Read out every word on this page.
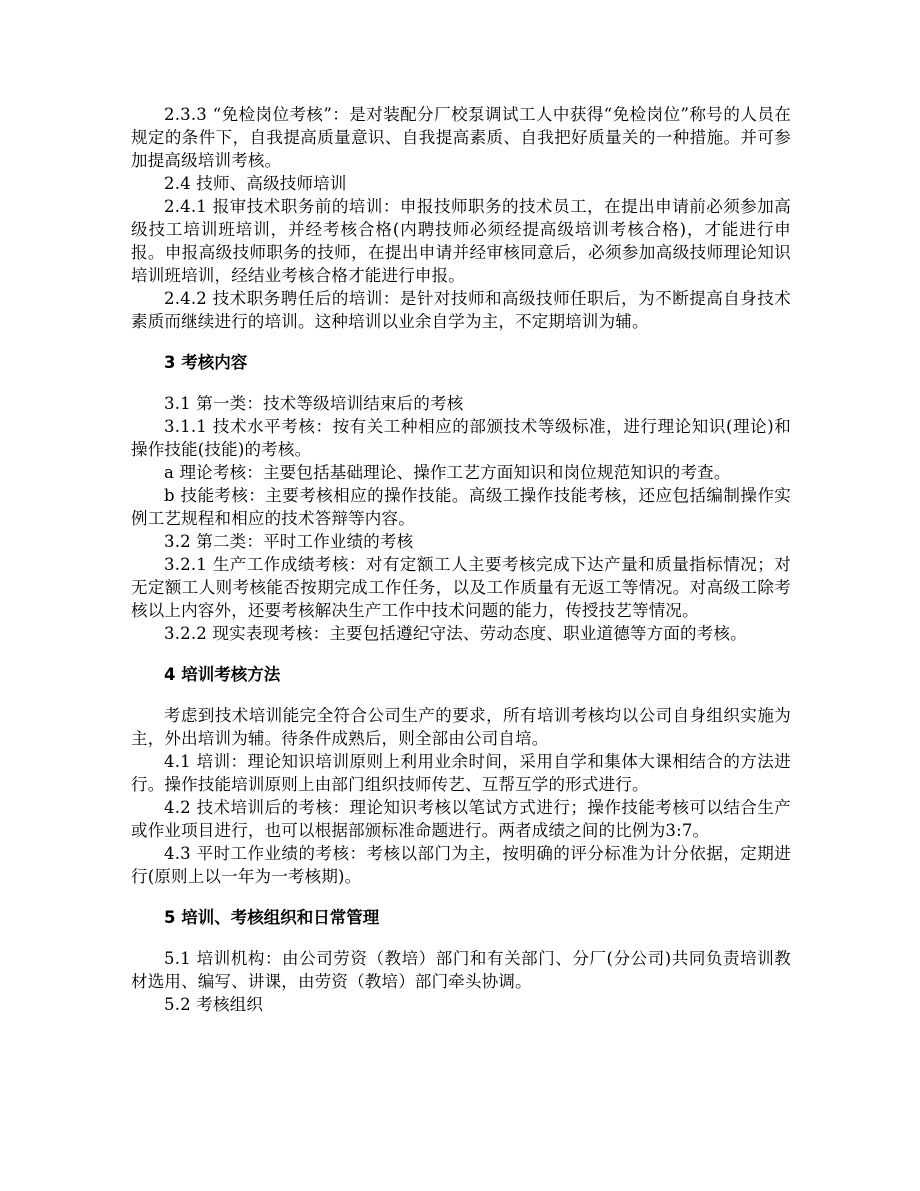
2.3.3 “免检岗位考核”：是对装配分厂校泵调试工人中获得“免检岗位”称号的人员在规定的条件下，自我提高质量意识、自我提高素质、自我把好质量关的一种措施。并可参加提高级培训考核。

2.4 技师、高级技师培训

2.4.1 报审技术职务前的培训：申报技师职务的技术员工，在提出申请前必须参加高级技工培训班培训，并经考核合格(内聘技师必须经提高级培训考核合格)，才能进行申报。申报高级技师职务的技师，在提出申请并经审核同意后，必须参加高级技师理论知识培训班培训，经结业考核合格才能进行申报。

2.4.2 技术职务聘任后的培训：是针对技师和高级技师任职后，为不断提高自身技术素质而继续进行的培训。这种培训以业余自学为主，不定期培训为辅。

3 考核内容

3.1 第一类：技术等级培训结束后的考核

3.1.1 技术水平考核：按有关工种相应的部颁技术等级标准，进行理论知识(理论)和操作技能(技能)的考核。

a 理论考核：主要包括基础理论、操作工艺方面知识和岗位规范知识的考查。

b 技能考核：主要考核相应的操作技能。高级工操作技能考核，还应包括编制操作实例工艺规程和相应的技术答辩等内容。

3.2 第二类：平时工作业绩的考核

3.2.1 生产工作成绩考核：对有定额工人主要考核完成下达产量和质量指标情况；对无定额工人则考核能否按期完成工作任务，以及工作质量有无返工等情况。对高级工除考核以上内容外，还要考核解决生产工作中技术问题的能力，传授技艺等情况。

3.2.2 现实表现考核：主要包括遵纪守法、劳动态度、职业道德等方面的考核。

4 培训考核方法

考虑到技术培训能完全符合公司生产的要求，所有培训考核均以公司自身组织实施为主，外出培训为辅。待条件成熟后，则全部由公司自培。

4.1 培训：理论知识培训原则上利用业余时间，采用自学和集体大课相结合的方法进行。操作技能培训原则上由部门组织技师传艺、互帮互学的形式进行。

4.2 技术培训后的考核：理论知识考核以笔试方式进行；操作技能考核可以结合生产或作业项目进行，也可以根据部颁标准命题进行。两者成绩之间的比例为3:7。

4.3 平时工作业绩的考核：考核以部门为主，按明确的评分标准为计分依据，定期进行(原则上以一年为一考核期)。

5 培训、考核组织和日常管理

5.1 培训机构：由公司劳资（教培）部门和有关部门、分厂(分公司)共同负责培训教材选用、编写、讲课，由劳资（教培）部门牵头协调。

5.2 考核组织
